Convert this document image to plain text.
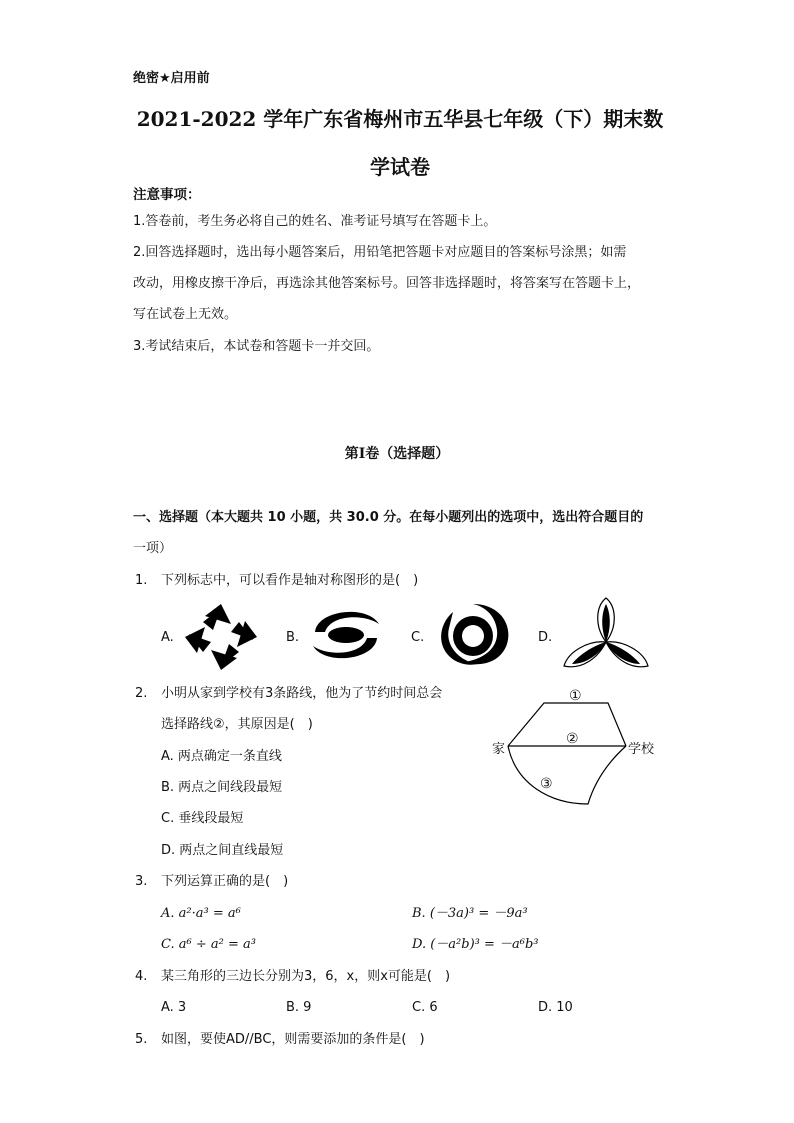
绝密★启用前
2021-2022 学年广东省梅州市五华县七年级（下）期末数
学试卷
注意事项：
1.答卷前，考生务必将自己的姓名、准考证号填写在答题卡上。
2.回答选择题时，选出每小题答案后，用铅笔把答题卡对应题目的答案标号涂黑；如需
改动，用橡皮擦干净后，再选涂其他答案标号。回答非选择题时，将答案写在答题卡上，
写在试卷上无效。
3.考试结束后，本试卷和答题卡一并交回。
第Ⅰ卷（选择题）
一、选择题（本大题共 10 小题，共 30.0 分。在每小题列出的选项中，选出符合题目的
一项）
1. 下列标志中，可以看作是轴对称图形的是(　)
A.	B.	C.	D.
2. 小明从家到学校有3条路线，他为了节约时间总会
选择路线②，其原因是(　)
A. 两点确定一条直线
B. 两点之间线段最短
C. 垂线段最短
D. 两点之间直线最短
家	学校
①
②
③
3. 下列运算正确的是(　)
A. a²·a³ = a⁶	B. (－3a)³ = －9a³
C. a⁶ ÷ a² = a³	D. (－a²b)³ = －a⁶b³
4. 某三角形的三边长分别为3，6，x，则x可能是(　)
A. 3	B. 9	C. 6	D. 10
5. 如图，要使AD//BC，则需要添加的条件是(　)
